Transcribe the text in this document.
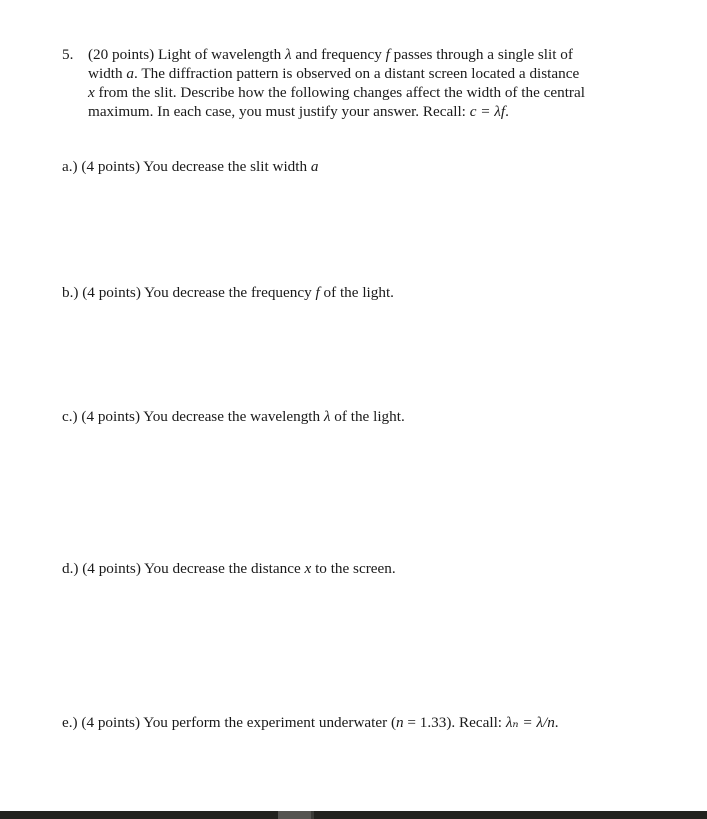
5. (20 points) Light of wavelength λ and frequency f passes through a single slit of
width a. The diffraction pattern is observed on a distant screen located a distance
x from the slit. Describe how the following changes affect the width of the central
maximum. In each case, you must justify your answer. Recall: c = λf.
a.) (4 points) You decrease the slit width a
b.) (4 points) You decrease the frequency f of the light.
c.) (4 points) You decrease the wavelength λ of the light.
d.) (4 points) You decrease the distance x to the screen.
e.) (4 points) You perform the experiment underwater (n = 1.33). Recall: λₙ = λ/n.
